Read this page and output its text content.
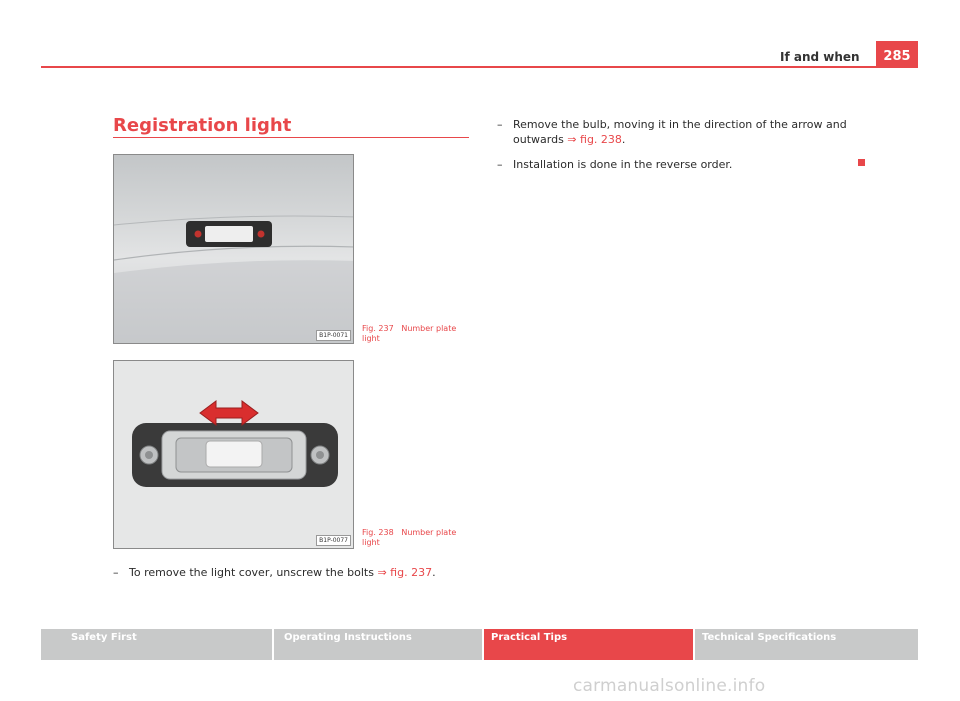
If and when	285
Registration light
B1P-0071
Fig. 237 Number plate light
B1P-0077
Fig. 238 Number plate light
– To remove the light cover, unscrew the bolts ⇒ fig. 237.
– Remove the bulb, moving it in the direction of the arrow and
outwards ⇒ fig. 238.
– Installation is done in the reverse order.
Safety First	Operating Instructions	Practical Tips	Technical Specifications
carmanualsonline.info
